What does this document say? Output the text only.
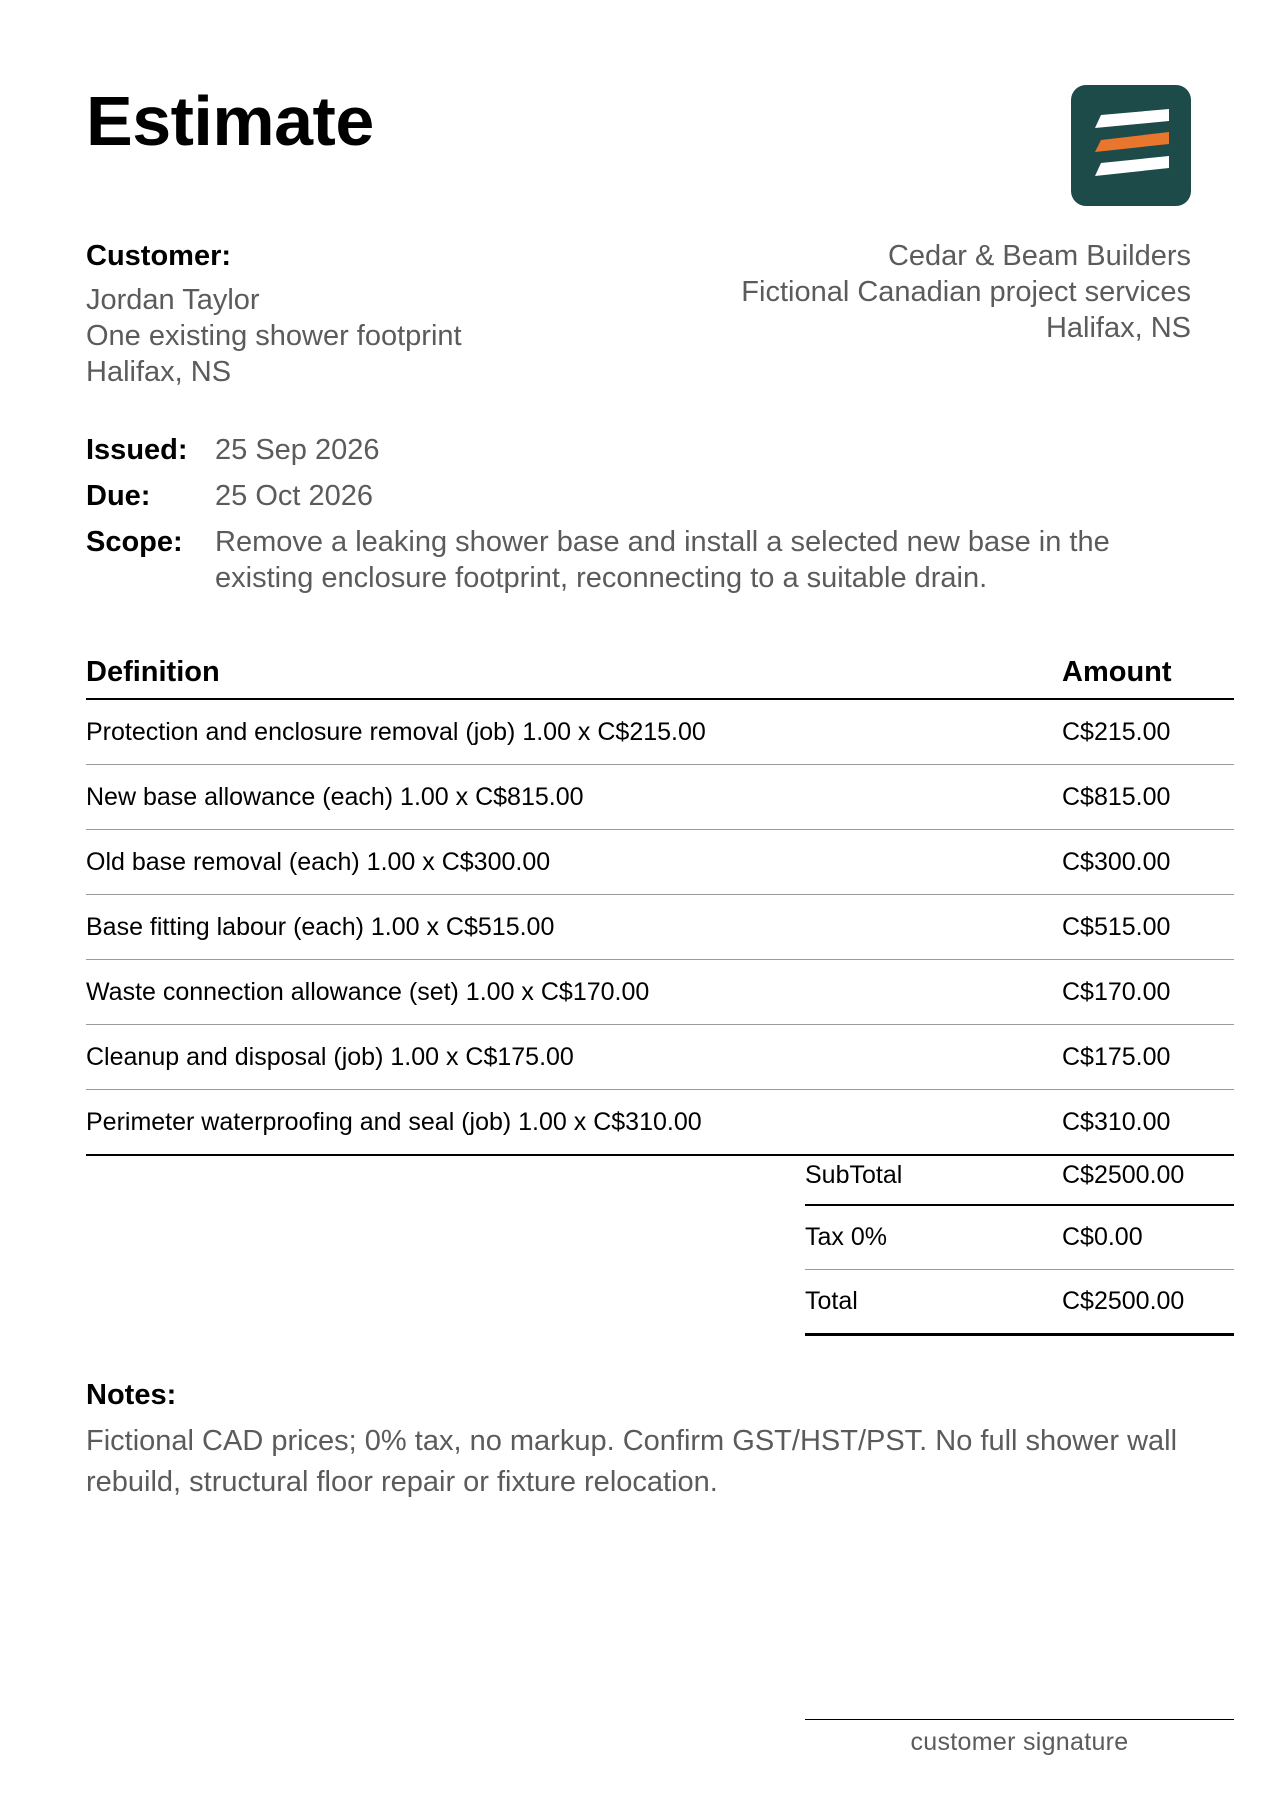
Estimate
Customer:
Jordan Taylor
One existing shower footprint
Halifax, NS
Cedar & Beam Builders
Fictional Canadian project services
Halifax, NS
Issued: 25 Sep 2026
Due:	25 Oct 2026
Scope:	Remove a leaking shower base and install a selected new base in the existing enclosure footprint, reconnecting to a suitable drain.
Definition	Amount
Protection and enclosure removal (job) 1.00 x C$215.00	C$215.00
New base allowance (each) 1.00 x C$815.00	C$815.00
Old base removal (each) 1.00 x C$300.00	C$300.00
Base fitting labour (each) 1.00 x C$515.00	C$515.00
Waste connection allowance (set) 1.00 x C$170.00	C$170.00
Cleanup and disposal (job) 1.00 x C$175.00	C$175.00
Perimeter waterproofing and seal (job) 1.00 x C$310.00	C$310.00
SubTotal	C$2500.00
Tax 0%	C$0.00
Total	C$2500.00
Notes:
Fictional CAD prices; 0% tax, no markup. Confirm GST/HST/PST. No full shower wall rebuild, structural floor repair or fixture relocation.
customer signature
